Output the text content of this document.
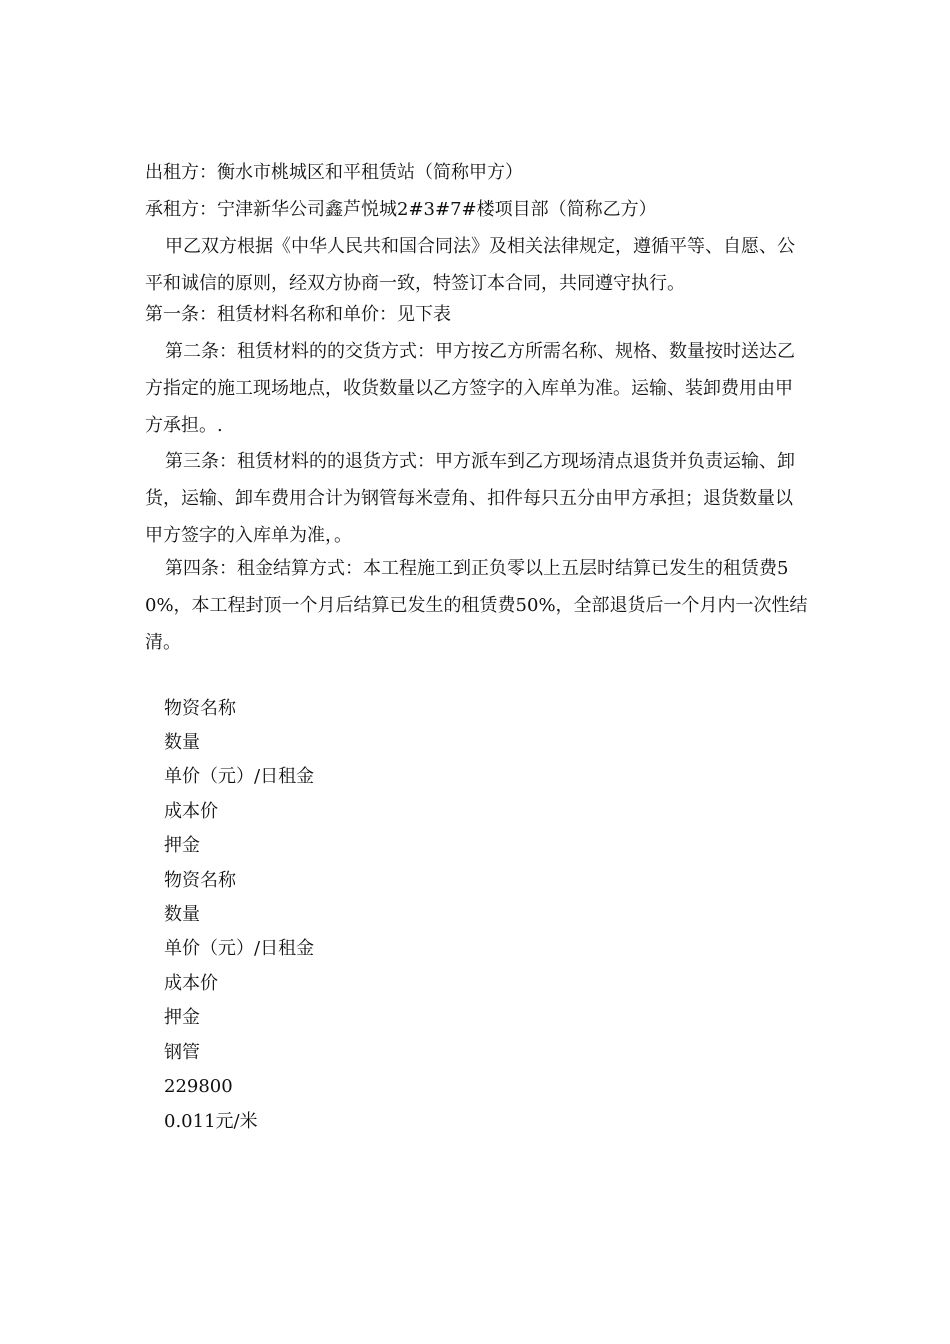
出租方：衡水市桃城区和平租赁站（简称甲方）

承租方：宁津新华公司鑫芦悦城2#3#7#楼项目部（简称乙方）

甲乙双方根据《中华人民共和国合同法》及相关法律规定，遵循平等、自愿、公平和诚信的原则，经双方协商一致，特签订本合同，共同遵守执行。

第一条：租赁材料名称和单价：见下表

第二条：租赁材料的的交货方式：甲方按乙方所需名称、规格、数量按时送达乙方指定的施工现场地点，收货数量以乙方签字的入库单为准。运输、装卸费用由甲方承担。.

第三条：租赁材料的的退货方式：甲方派车到乙方现场清点退货并负责运输、卸货，运输、卸车费用合计为钢管每米壹角、扣件每只五分由甲方承担；退货数量以甲方签字的入库单为准，。

第四条：租金结算方式：本工程施工到正负零以上五层时结算已发生的租赁费50%，本工程封顶一个月后结算已发生的租赁费50%，全部退货后一个月内一次性结清。

物资名称

数量

单价（元）/日租金

成本价

押金

物资名称

数量

单价（元）/日租金

成本价

押金

钢管

229800

0.011元/米
